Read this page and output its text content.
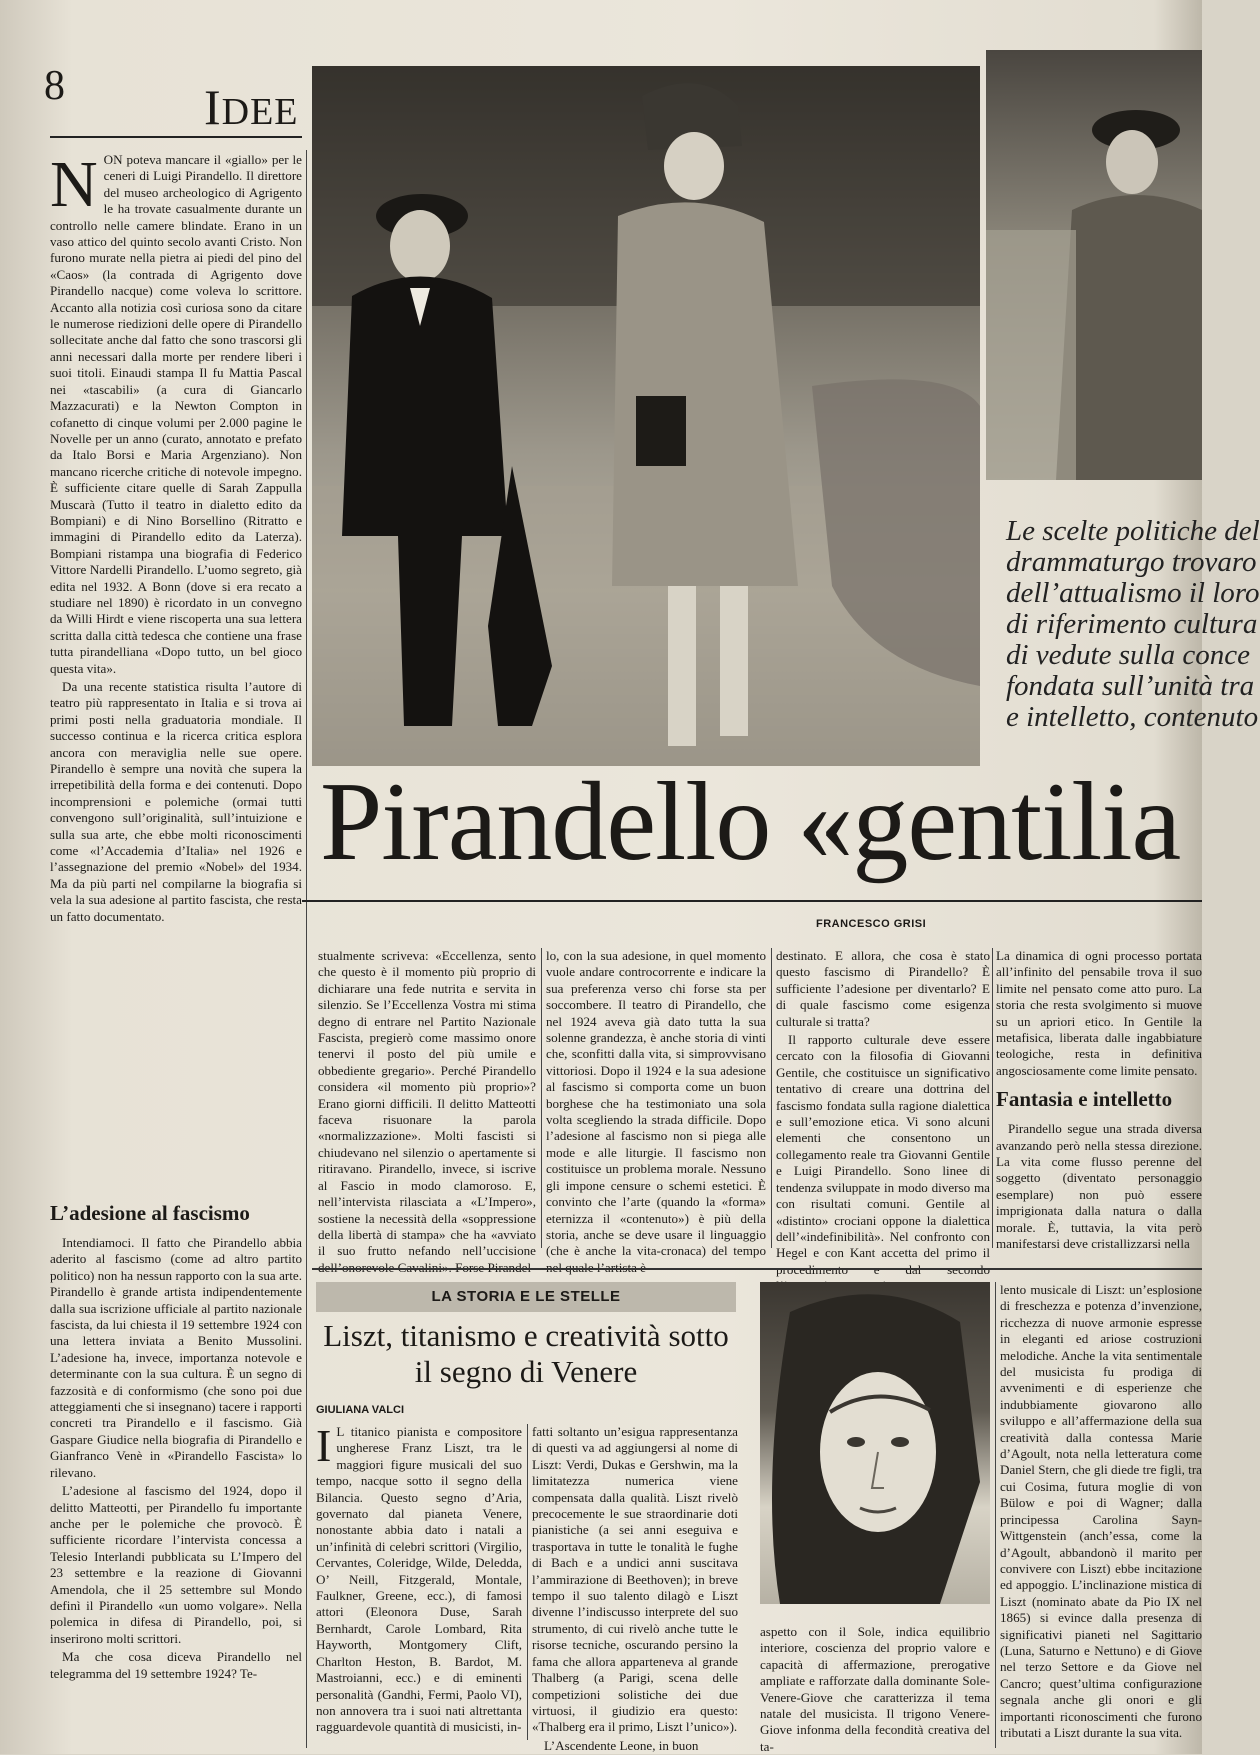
8	IDEE

NON poteva mancare il «giallo» per le ceneri di Luigi Pirandello. Il direttore del museo archeologico di Agrigento le ha trovate casualmente durante un controllo nelle camere blindate. Erano in un vaso attico del quinto secolo avanti Cristo. Non furono murate nella pietra ai piedi del pino del «Caos» (la contrada di Agrigento dove Pirandello nacque) come voleva lo scrittore. Accanto alla notizia così curiosa sono da citare le numerose riedizioni delle opere di Pirandello sollecitate anche dal fatto che sono trascorsi gli anni necessari dalla morte per rendere liberi i suoi titoli. Einaudi stampa Il fu Mattia Pascal nei «tascabili» (a cura di Giancarlo Mazzacurati) e la Newton Compton in cofanetto di cinque volumi per 2.000 pagine le Novelle per un anno (curato, annotato e prefato da Italo Borsi e Maria Argenziano). Non mancano ricerche critiche di notevole impegno. È sufficiente citare quelle di Sarah Zappulla Muscarà (Tutto il teatro in dialetto edito da Bompiani) e di Nino Borsellino (Ritratto e immagini di Pirandello edito da Laterza). Bompiani ristampa una biografia di Federico Vittore Nardelli Pirandello. L’uomo segreto, già edita nel 1932. A Bonn (dove si era recato a studiare nel 1890) è ricordato in un convegno da Willi Hirdt e viene riscoperta una sua lettera scritta dalla città tedesca che contiene una frase tutta pirandelliana «Dopo tutto, un bel gioco questa vita».

Da una recente statistica risulta l’autore di teatro più rappresentato in Italia e si trova ai primi posti nella graduatoria mondiale. Il successo continua e la ricerca critica esplora ancora con meraviglia nelle sue opere. Pirandello è sempre una novità che supera la irrepetibilità della forma e dei contenuti. Dopo incomprensioni e polemiche (ormai tutti convengono sull’originalità, sull’intuizione e sulla sua arte, che ebbe molti riconoscimenti come «l’Accademia d’Italia» nel 1926 e l’assegnazione del premio «Nobel» del 1934. Ma da più parti nel compilarne la biografia si vela la sua adesione al partito fascista, che resta un fatto documentato.

L’adesione al fascismo

Intendiamoci. Il fatto che Pirandello abbia aderito al fascismo (come ad altro partito politico) non ha nessun rapporto con la sua arte. Pirandello è grande artista indipendentemente dalla sua iscrizione ufficiale al partito nazionale fascista, da lui chiesta il 19 settembre 1924 con una lettera inviata a Benito Mussolini. L’adesione ha, invece, importanza notevole e determinante con la sua cultura. È un segno di fazzosità e di conformismo (che sono poi due atteggiamenti che si insegnano) tacere i rapporti concreti tra Pirandello e il fascismo. Già Gaspare Giudice nella biografia di Pirandello e Gianfranco Venè in «Pirandello Fascista» lo rilevano.

L’adesione al fascismo del 1924, dopo il delitto Matteotti, per Pirandello fu importante anche per le polemiche che provocò. È sufficiente ricordare l’intervista concessa a Telesio Interlandi pubblicata su L’Impero del 23 settembre e la reazione di Giovanni Amendola, che il 25 settembre sul Mondo definì il Pirandello «un uomo volgare». Nella polemica in difesa di Pirandello, poi, si inserirono molti scrittori.

Ma che cosa diceva Pirandello nel telegramma del 19 settembre 1924? Te-

Le scelte politiche del
drammaturgo trovaro
dell’attualismo il loro
di riferimento cultura
di vedute sulla conce
fondata sull’unità tra
e intelletto, contenuto
Pirandello «gentilia
FRANCESCO GRISI

stualmente scriveva: «Eccellenza, sento che questo è il momento più proprio di dichiarare una fede nutrita e servita in silenzio. Se l’Eccellenza Vostra mi stima degno di entrare nel Partito Nazionale Fascista, pregierò come massimo onore tenervi il posto del più umile e obbediente gregario». Perché Pirandello considera «il momento più proprio»? Erano giorni difficili. Il delitto Matteotti faceva risuonare la parola «normalizzazione». Molti fascisti si chiudevano nel silenzio o apertamente si ritiravano. Pirandello, invece, si iscrive al Fascio in modo clamoroso. E, nell’intervista rilasciata a «L’Impero», sostiene la necessità della «soppressione della libertà di stampa» che ha «avviato il suo frutto nefando nell’uccisione

lo, con la sua adesione, in quel momento vuole andare controcorrente e indicare la sua preferenza verso chi forse sta per soccombere. Il teatro di Pirandello, che nel 1924 aveva già dato tutta la sua solenne grandezza, è anche storia di vinti che, sconfitti dalla vita, si simprovvisano vittoriosi. Dopo il 1924 e la sua adesione al fascismo si comporta come un buon borghese che ha testimoniato una sola volta scegliendo la strada difficile. Dopo l’adesione al fascismo non si piega alle mode e alle liturgie. Il fascismo non costituisce un problema morale. Nessuno gli impone censure o schemi estetici. È convinto che l’arte (quando la «forma» eternizza il «contenuto») è più della storia, anche se deve usare il linguaggio (che è anche la vita-cronaca) del tempo

destinato. E allora, che cosa è stato questo fascismo di Pirandello? È sufficiente l’adesione per diventarlo? E di quale fascismo come esigenza culturale si tratta?

Il rapporto culturale deve essere cercato con la filosofia di Giovanni Gentile, che costituisce un significativo tentativo di creare una dottrina del fascismo fondata sulla ragione dialettica e sull’emozione etica. Vi sono alcuni elementi che consentono un collegamento reale tra Giovanni Gentile e Luigi Pirandello. Sono linee di tendenza sviluppate in modo diverso ma con risultati comuni. Gentile al «distinto» crociani oppone la dialettica dell’«indefinibilità». Nel confronto con Hegel e con Kant accetta del primo il

La dinamica di ogni processo portata all’infinito del pensabile trova il suo limite nel pensato come atto puro. La storia che resta svolgimento si muove su un apriori etico. In Gentile la metafisica, liberata dalle ingabbiature teologiche, resta in definitiva angosciosamente come limite pensato.

Fantasia e intelletto

Pirandello segue una strada diversa avanzando però nella stessa direzione. La vita come flusso perenne del soggetto (diventato personaggio esemplare) non può essere imprigionata dalla natura o dalla morale. È, tuttavia, la vita però manifestarsi deve cristallizzarsi nella

LA STORIA E LE STELLE
Liszt, titanismo e creatività sotto il segno di Venere
GIULIANA VALCI

I L titanico pianista e compositore ungherese Franz Liszt, tra le maggiori figure musicali del suo tempo, nacque sotto il segno della Bilancia. Questo segno d’Aria, governato dal pianeta Venere, nonostante abbia dato i natali a un’infinità di celebri scrittori (Virgilio, Cervantes, Coleridge, Wilde, Deledda, O’ Neill, Fitzgerald, Montale, Faulkner, Greene, ecc.), di famosi attori (Eleonora Duse, Sarah Bernhardt, Carole Lombard, Rita Hayworth, Montgomery Clift, Charlton Heston, B. Bardot, M. Mastroianni, ecc.) e di eminenti personalità (Gandhi, Fermi, Paolo VI), non annovera tra i suoi nati altrettanta ragguardevole quantità di musicisti, in-

fatti soltanto un’esigua rappresentanza di questi va ad aggiungersi al nome di Liszt: Verdi, Dukas e Gershwin, ma la limitatezza numerica viene compensata dalla qualità. Liszt rivelò precocemente le sue straordinarie doti pianistiche (a sei anni eseguiva e trasportava in tutte le tonalità le fughe di Bach e a undici anni suscitava l’ammirazione di Beethoven); in breve tempo il suo talento dilagò e Liszt divenne l’indiscusso interprete del suo strumento, di cui rivelò anche tutte le risorse tecniche, oscurando persino la fama che allora apparteneva al grande Thalberg (a Parigi, scena delle competizioni solistiche dei due virtuosi, il giudizio era questo: «Thalberg era il primo, Liszt l’unico»).

L’Ascendente Leone, in buon

aspetto con il Sole, indica equilibrio interiore, coscienza del proprio valore e capacità di affermazione, prerogative ampliate e rafforzate dalla dominante Sole-Venere-Giove che caratterizza il tema natale del musicista. Il trigono Venere-Giove infonma della fecondità creativa del ta-

lento musicale di Liszt: un’esplosione di freschezza e potenza d’invenzione, ricchezza di nuove armonie espresse in eleganti ed ariose costruzioni melodiche. Anche la vita sentimentale del musicista fu prodiga di avvenimenti e di esperienze che indubbiamente giovarono allo sviluppo e all’affermazione della sua creatività dalla contessa Marie d’Agoult, nota nella letteratura come Daniel Stern, che gli diede tre figli, tra cui Cosima, futura moglie di von Bülow e poi di Wagner; dalla principessa Carolina Sayn-Wittgenstein (anch’essa, come la d’Agoult, abbandonò il marito per convivere con Liszt) ebbe incitazione ed appoggio. L’inclinazione mistica di Liszt (nominato abate da Pio IX nel 1865) si evince dalla presenza di significativi pianeti nel Sagittario (Luna, Saturno e Nettuno) e di Giove nel terzo Settore e da Giove nel Cancro; quest’ultima configurazione segnala anche gli onori e gli importanti riconoscimenti che furono tributati a Liszt durante la sua vita.
